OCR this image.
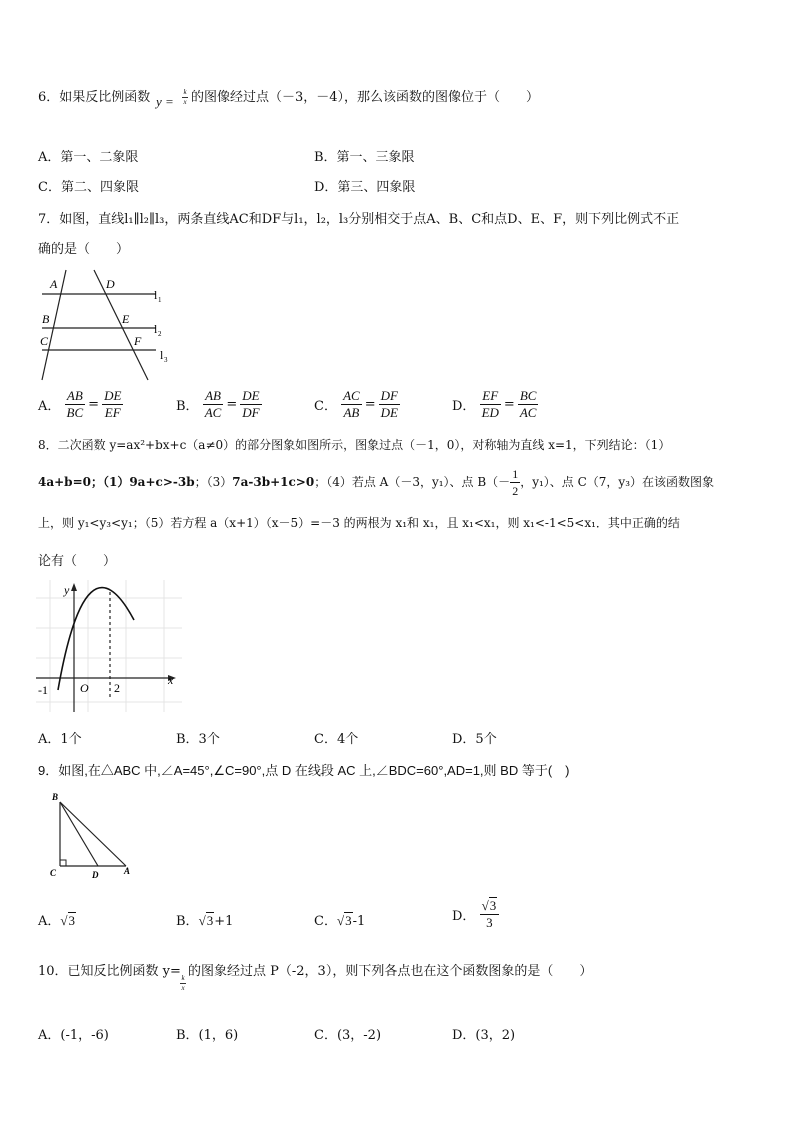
6．如果反比例函数 $y = \frac{k}{x}$ 的图像经过点（－3，－4），那么该函数的图像位于（　　）
A．第一、二象限	B．第一、三象限
C．第二、四象限	D．第三、四象限
7．如图，直线l₁∥l₂∥l₃，两条直线AC和DF与l₁，l₂，l₃分别相交于点A、B、C和点D、E、F，则下列比例式不正
确的是（　　）
A	D
B	E
C	F
l 1
l 2
l 3
A． $\frac{AB}{BC} = \frac{DE}{EF}$	B． $\frac{AB}{AC} = \frac{DE}{DF}$	C． $\frac{AC}{AB} = \frac{DF}{DE}$	D． $\frac{EF}{ED} = \frac{BC}{AC}$
8．二次函数 y=ax²+bx+c（a≠0）的部分图象如图所示，图象过点（－1，0），对称轴为直线 x=1，下列结论：（1）
4a+b=0；（1）9a+c>-3b；（3）7a-3b+1c>0；（4）若点 A（－3，y₁）、点 $B(- \frac{1}{2}$ ，y₁）、点 C（7，y₃）在该函数图象
上，则 y₁<y₃<y₁；（5）若方程 a（x+1）（x－5）=－3 的两根为 x₁和 x₁，且 x₁<x₁，则 x₁<-1<5<x₁．其中正确的结
论有（　　）
y
x
-1	O 2
A．1个	B．3个	C．4个	D．5个
9．如图,在△ABC 中,∠A=45°,∠C=90°,点 D 在线段 AC 上,∠BDC=60°,AD=1,则 BD 等于(　)
B
C	D	A
A．√3	B．√3+1	C．√3-1	D． $\frac{√3}{3}$
10．已知反比例函数 y=
$\frac{k}{x}$
的图象经过点 P（-2，3），则下列各点也在这个函数图象的是（　　）
A．(-1，-6)	B．(1，6)	C．(3，-2)	D．(3，2)
